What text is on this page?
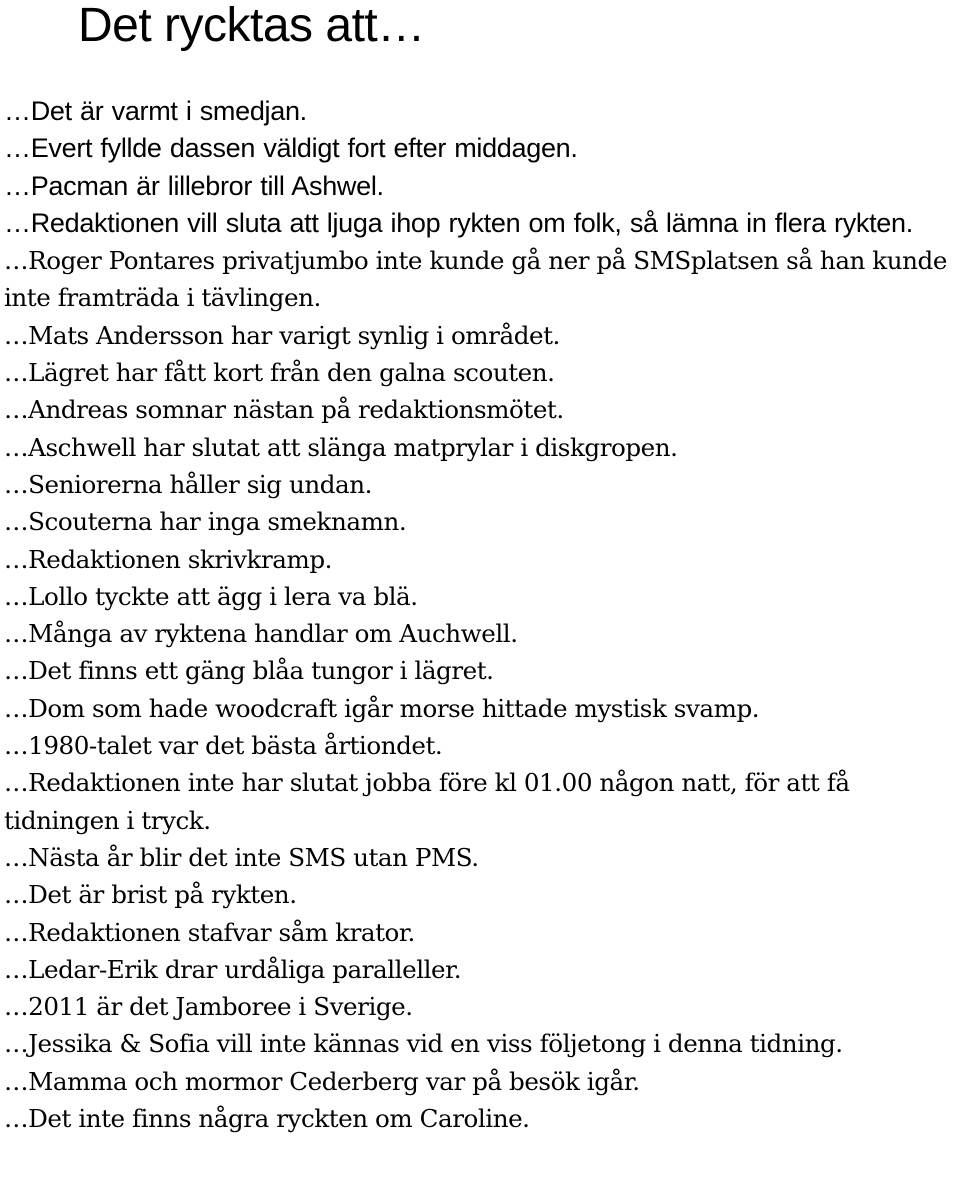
Det rycktas att…
…Det är varmt i smedjan.
…Evert fyllde dassen väldigt fort efter middagen.
…Pacman är lillebror till Ashwel.
…Redaktionen vill sluta att ljuga ihop rykten om folk, så lämna in flera rykten.
…Roger Pontares privatjumbo inte kunde gå ner på SMSplatsen så han kunde inte framträda i tävlingen.
…Mats Andersson har varigt synlig i området.
…Lägret har fått kort från den galna scouten.
…Andreas somnar nästan på redaktionsmötet.
…Aschwell har slutat att slänga matprylar i diskgropen.
…Seniorerna håller sig undan.
…Scouterna har inga smeknamn.
…Redaktionen skrivkramp.
…Lollo tyckte att ägg i lera va blä.
…Många av ryktena handlar om Auchwell.
…Det finns ett gäng blåa tungor i lägret.
…Dom som hade woodcraft igår morse hittade mystisk svamp.
…1980-talet var det bästa årtiondet.
…Redaktionen inte har slutat jobba före kl 01.00 någon natt, för att få tidningen i tryck.
…Nästa år blir det inte SMS utan PMS.
…Det är brist på rykten.
…Redaktionen stafvar såm krator.
…Ledar-Erik drar urdåliga paralleller.
…2011 är det Jamboree i Sverige.
…Jessika & Sofia vill inte kännas vid en viss följetong i denna tidning.
…Mamma och mormor Cederberg var på besök igår.
…Det inte finns några ryckten om Caroline.
